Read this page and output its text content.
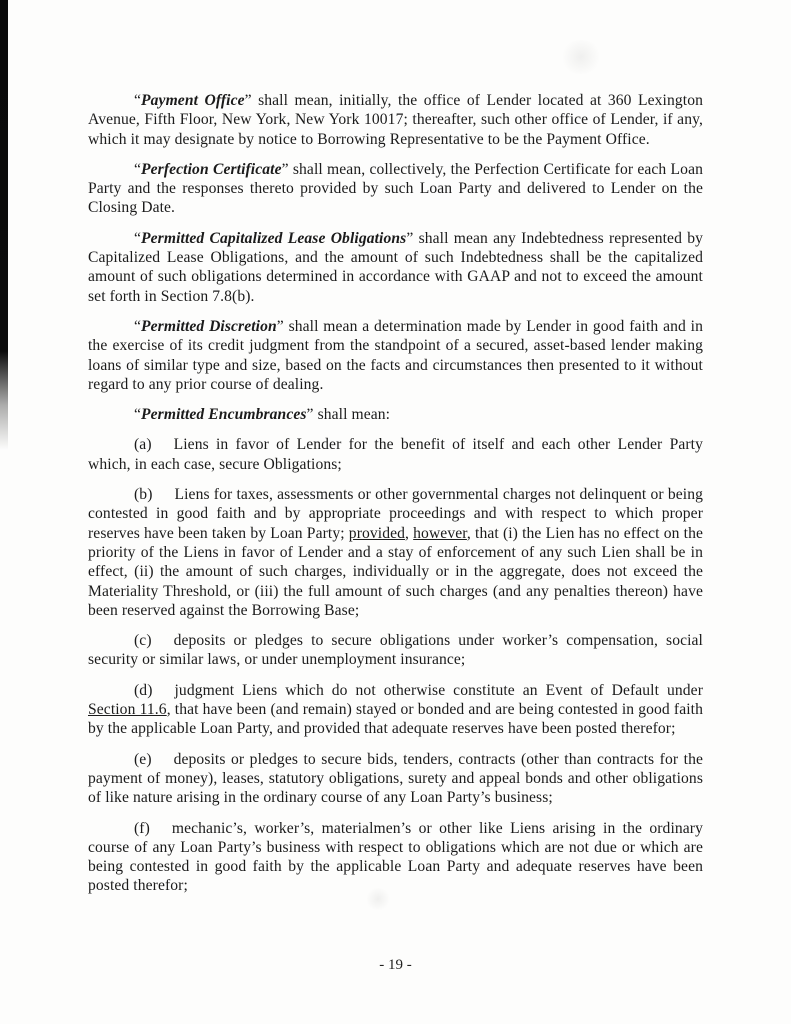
“Payment Office” shall mean, initially, the office of Lender located at 360 Lexington Avenue, Fifth Floor, New York, New York 10017; thereafter, such other office of Lender, if any, which it may designate by notice to Borrowing Representative to be the Payment Office.

“Perfection Certificate” shall mean, collectively, the Perfection Certificate for each Loan Party and the responses thereto provided by such Loan Party and delivered to Lender on the Closing Date.

“Permitted Capitalized Lease Obligations” shall mean any Indebtedness represented by Capitalized Lease Obligations, and the amount of such Indebtedness shall be the capitalized amount of such obligations determined in accordance with GAAP and not to exceed the amount set forth in Section 7.8(b).

“Permitted Discretion” shall mean a determination made by Lender in good faith and in the exercise of its credit judgment from the standpoint of a secured, asset-based lender making loans of similar type and size, based on the facts and circumstances then presented to it without regard to any prior course of dealing.

“Permitted Encumbrances” shall mean:

(a) Liens in favor of Lender for the benefit of itself and each other Lender Party which, in each case, secure Obligations;

(b) Liens for taxes, assessments or other governmental charges not delinquent or being contested in good faith and by appropriate proceedings and with respect to which proper reserves have been taken by Loan Party; provided, however, that (i) the Lien has no effect on the priority of the Liens in favor of Lender and a stay of enforcement of any such Lien shall be in effect, (ii) the amount of such charges, individually or in the aggregate, does not exceed the Materiality Threshold, or (iii) the full amount of such charges (and any penalties thereon) have been reserved against the Borrowing Base;

(c) deposits or pledges to secure obligations under worker’s compensation, social security or similar laws, or under unemployment insurance;

(d) judgment Liens which do not otherwise constitute an Event of Default under Section 11.6, that have been (and remain) stayed or bonded and are being contested in good faith by the applicable Loan Party, and provided that adequate reserves have been posted therefor;

(e) deposits or pledges to secure bids, tenders, contracts (other than contracts for the payment of money), leases, statutory obligations, surety and appeal bonds and other obligations of like nature arising in the ordinary course of any Loan Party’s business;

(f) mechanic’s, worker’s, materialmen’s or other like Liens arising in the ordinary course of any Loan Party’s business with respect to obligations which are not due or which are being contested in good faith by the applicable Loan Party and adequate reserves have been posted therefor;

- 19 -
